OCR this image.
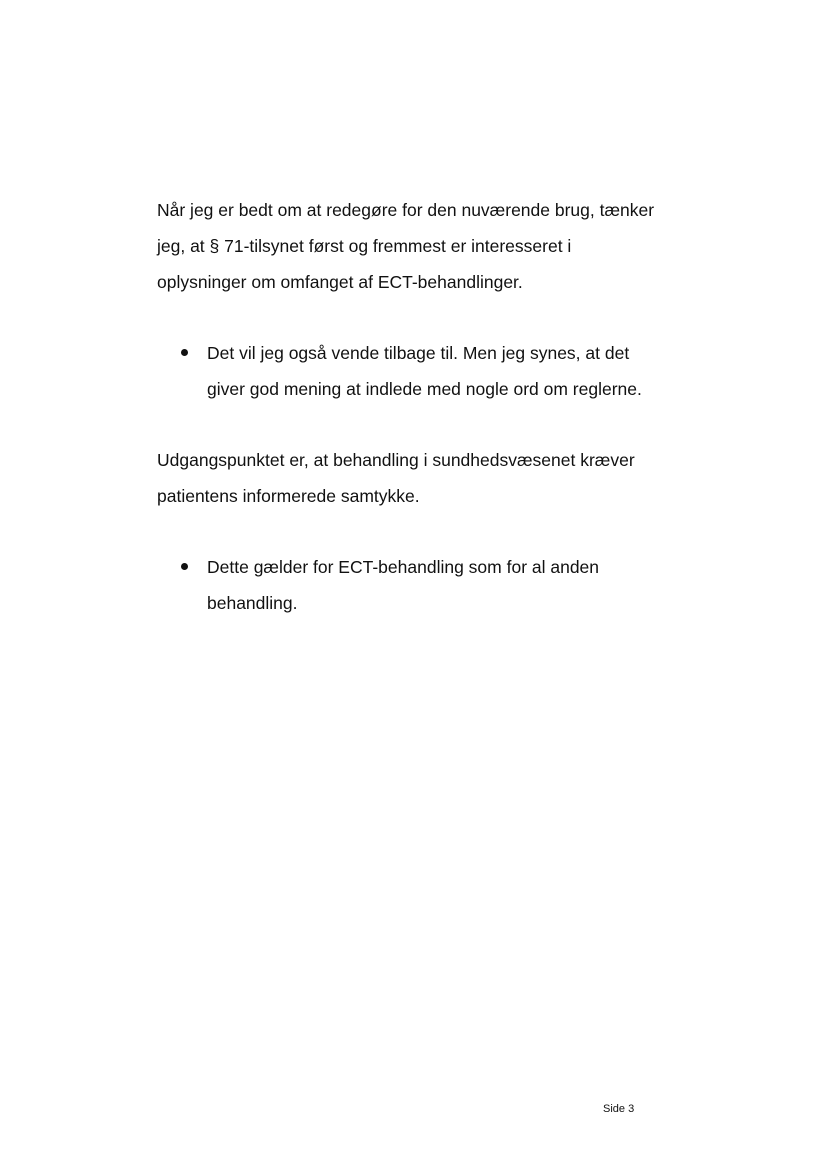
Når jeg er bedt om at redegøre for den nuværende brug, tænker
jeg, at § 71-tilsynet først og fremmest er interesseret i
oplysninger om omfanget af ECT-behandlinger.

Det vil jeg også vende tilbage til. Men jeg synes, at det
giver god mening at indlede med nogle ord om reglerne.

Udgangspunktet er, at behandling i sundhedsvæsenet kræver
patientens informerede samtykke.

Dette gælder for ECT-behandling som for al anden
behandling.
Side 3
